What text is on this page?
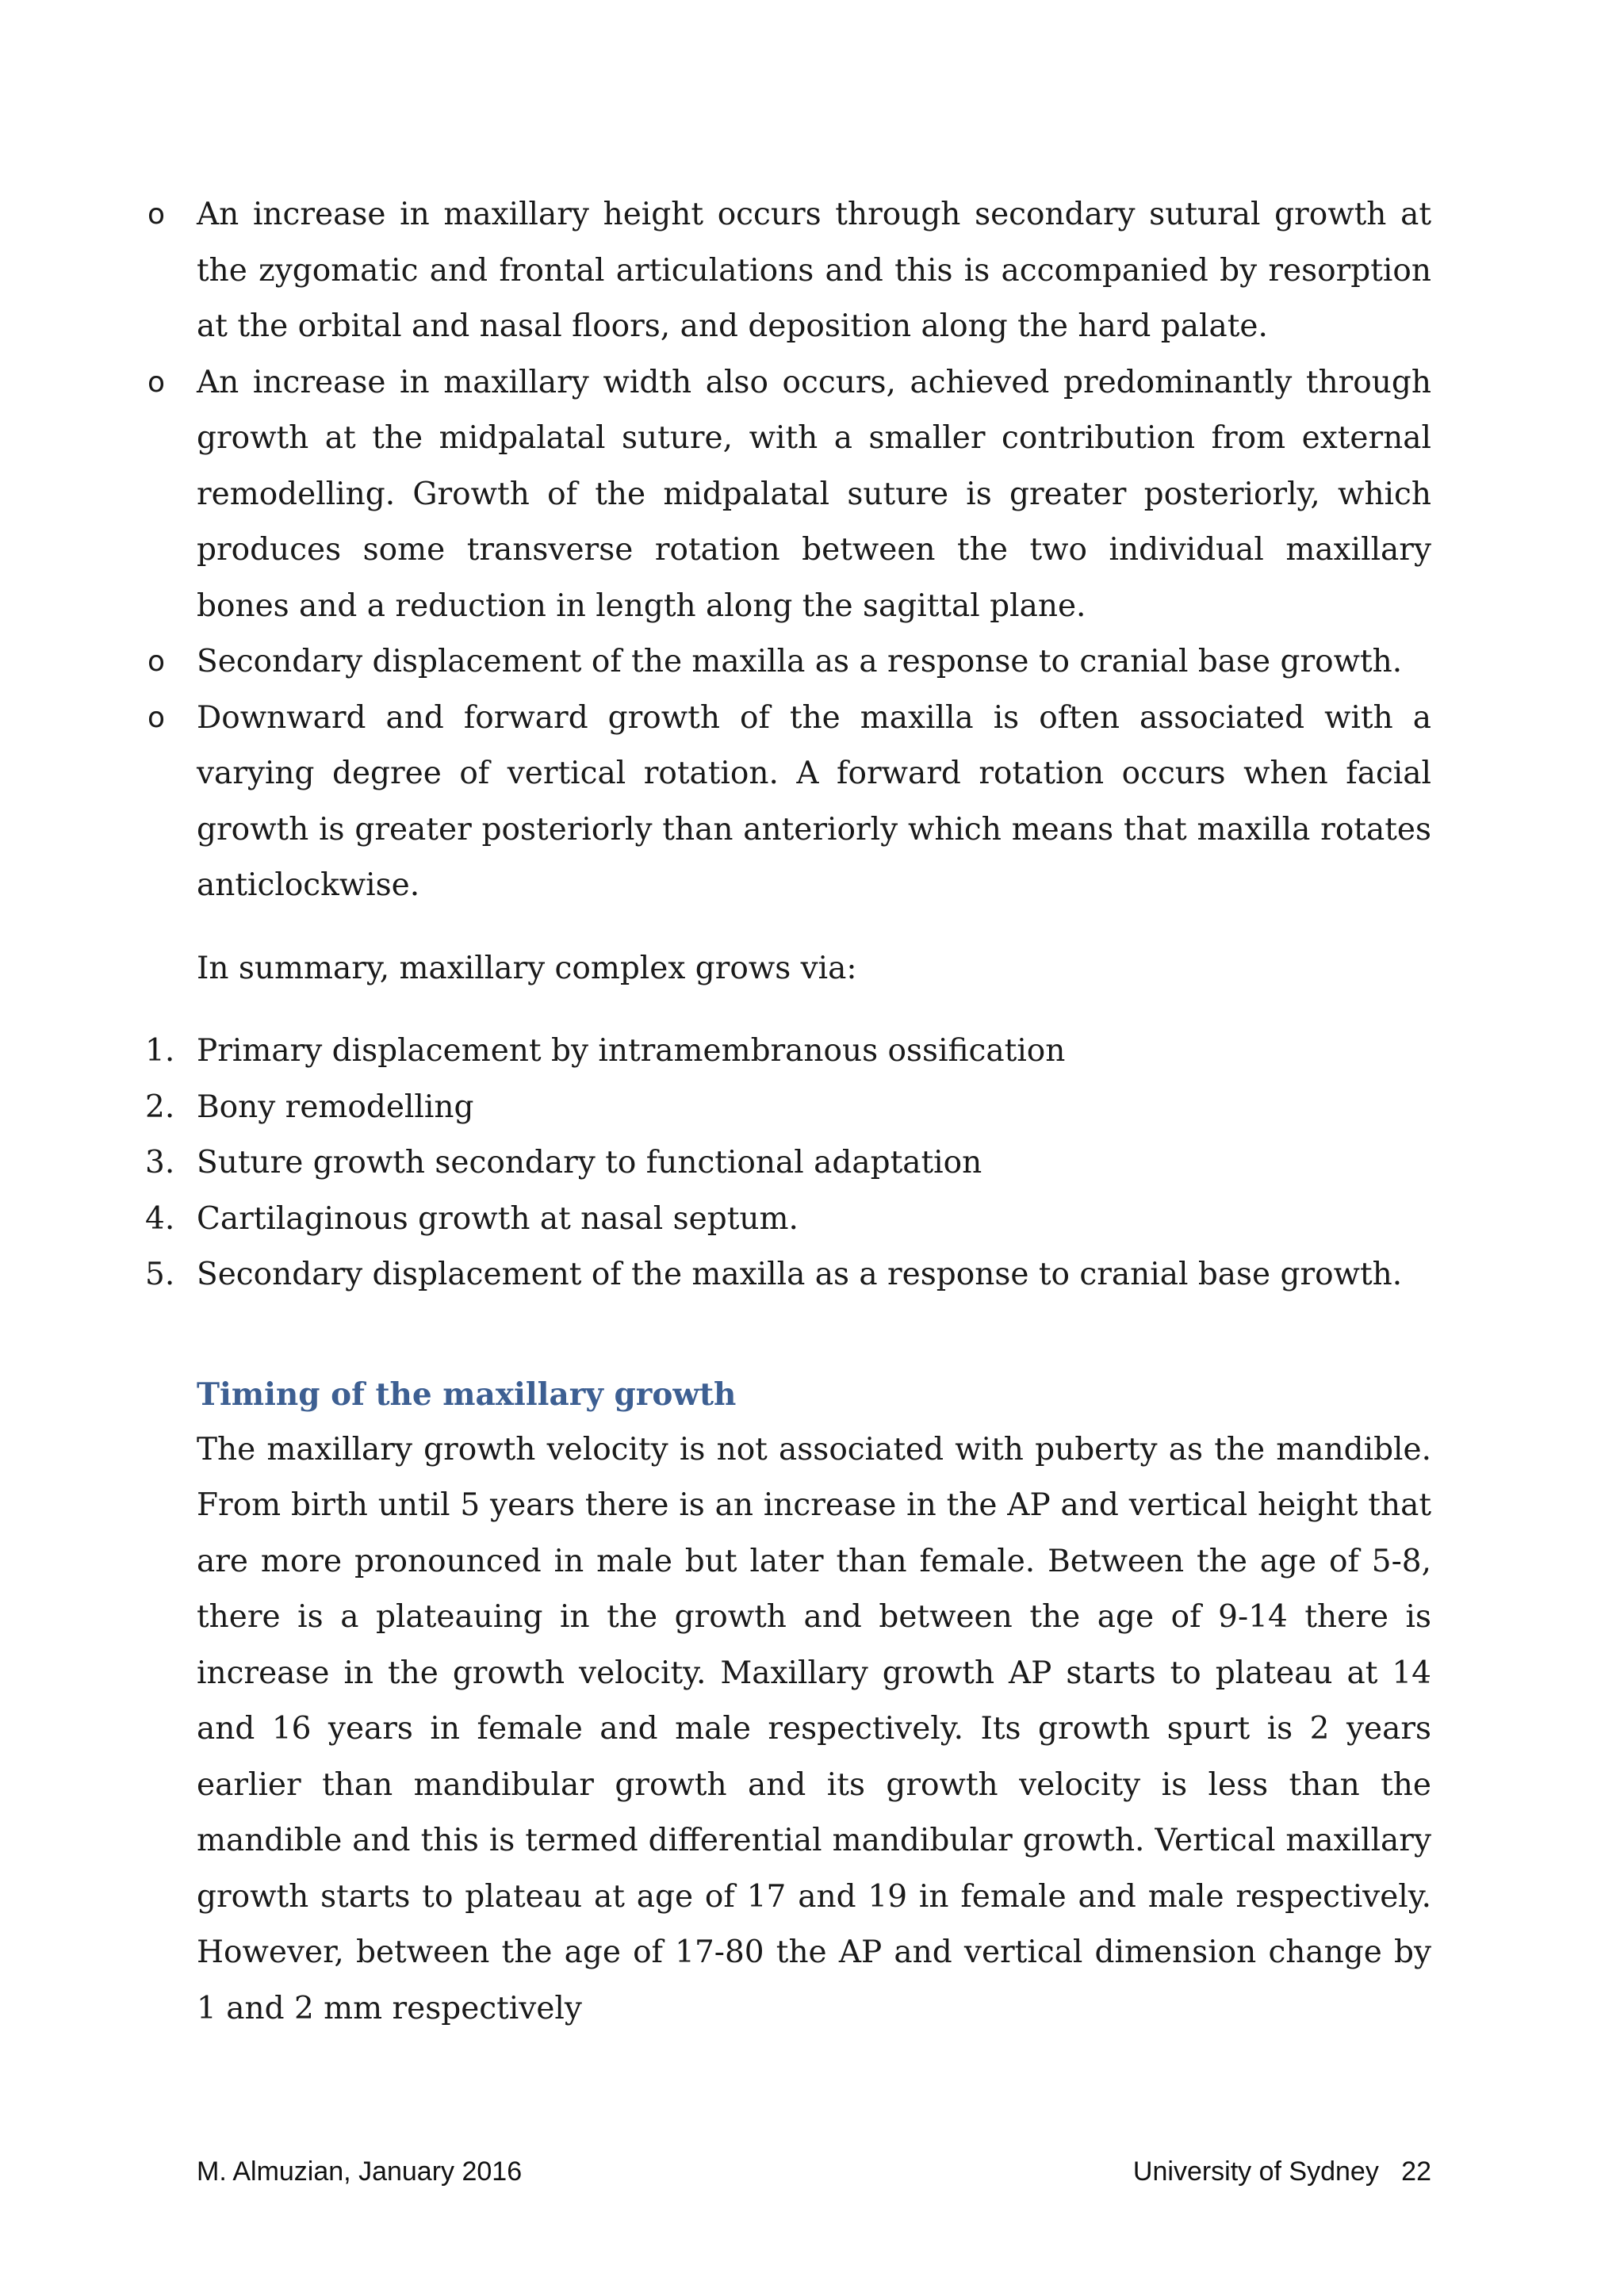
o An increase in maxillary height occurs through secondary sutural growth at the zygomatic and frontal articulations and this is accompanied by resorption at the orbital and nasal floors, and deposition along the hard palate.

o An increase in maxillary width also occurs, achieved predominantly through growth at the midpalatal suture, with a smaller contribution from external remodelling. Growth of the midpalatal suture is greater posteriorly, which produces some transverse rotation between the two individual maxillary bones and a reduction in length along the sagittal plane.

o Secondary displacement of the maxilla as a response to cranial base growth.

o Downward and forward growth of the maxilla is often associated with a varying degree of vertical rotation. A forward rotation occurs when facial growth is greater posteriorly than anteriorly which means that maxilla rotates anticlockwise.

In summary, maxillary complex grows via:

1. Primary displacement by intramembranous ossification
2. Bony remodelling
3. Suture growth secondary to functional adaptation
4. Cartilaginous growth at nasal septum.
5. Secondary displacement of the maxilla as a response to cranial base growth.
Timing of the maxillary growth

The maxillary growth velocity is not associated with puberty as the mandible. From birth until 5 years there is an increase in the AP and vertical height that are more pronounced in male but later than female. Between the age of 5-8, there is a plateauing in the growth and between the age of 9-14 there is increase in the growth velocity. Maxillary growth AP starts to plateau at 14 and 16 years in female and male respectively. Its growth spurt is 2 years earlier than mandibular growth and its growth velocity is less than the mandible and this is termed differential mandibular growth. Vertical maxillary growth starts to plateau at age of 17 and 19 in female and male respectively. However, between the age of 17-80 the AP and vertical dimension change by 1 and 2 mm respectively

M. Almuzian, January 2016	University of Sydney 22
